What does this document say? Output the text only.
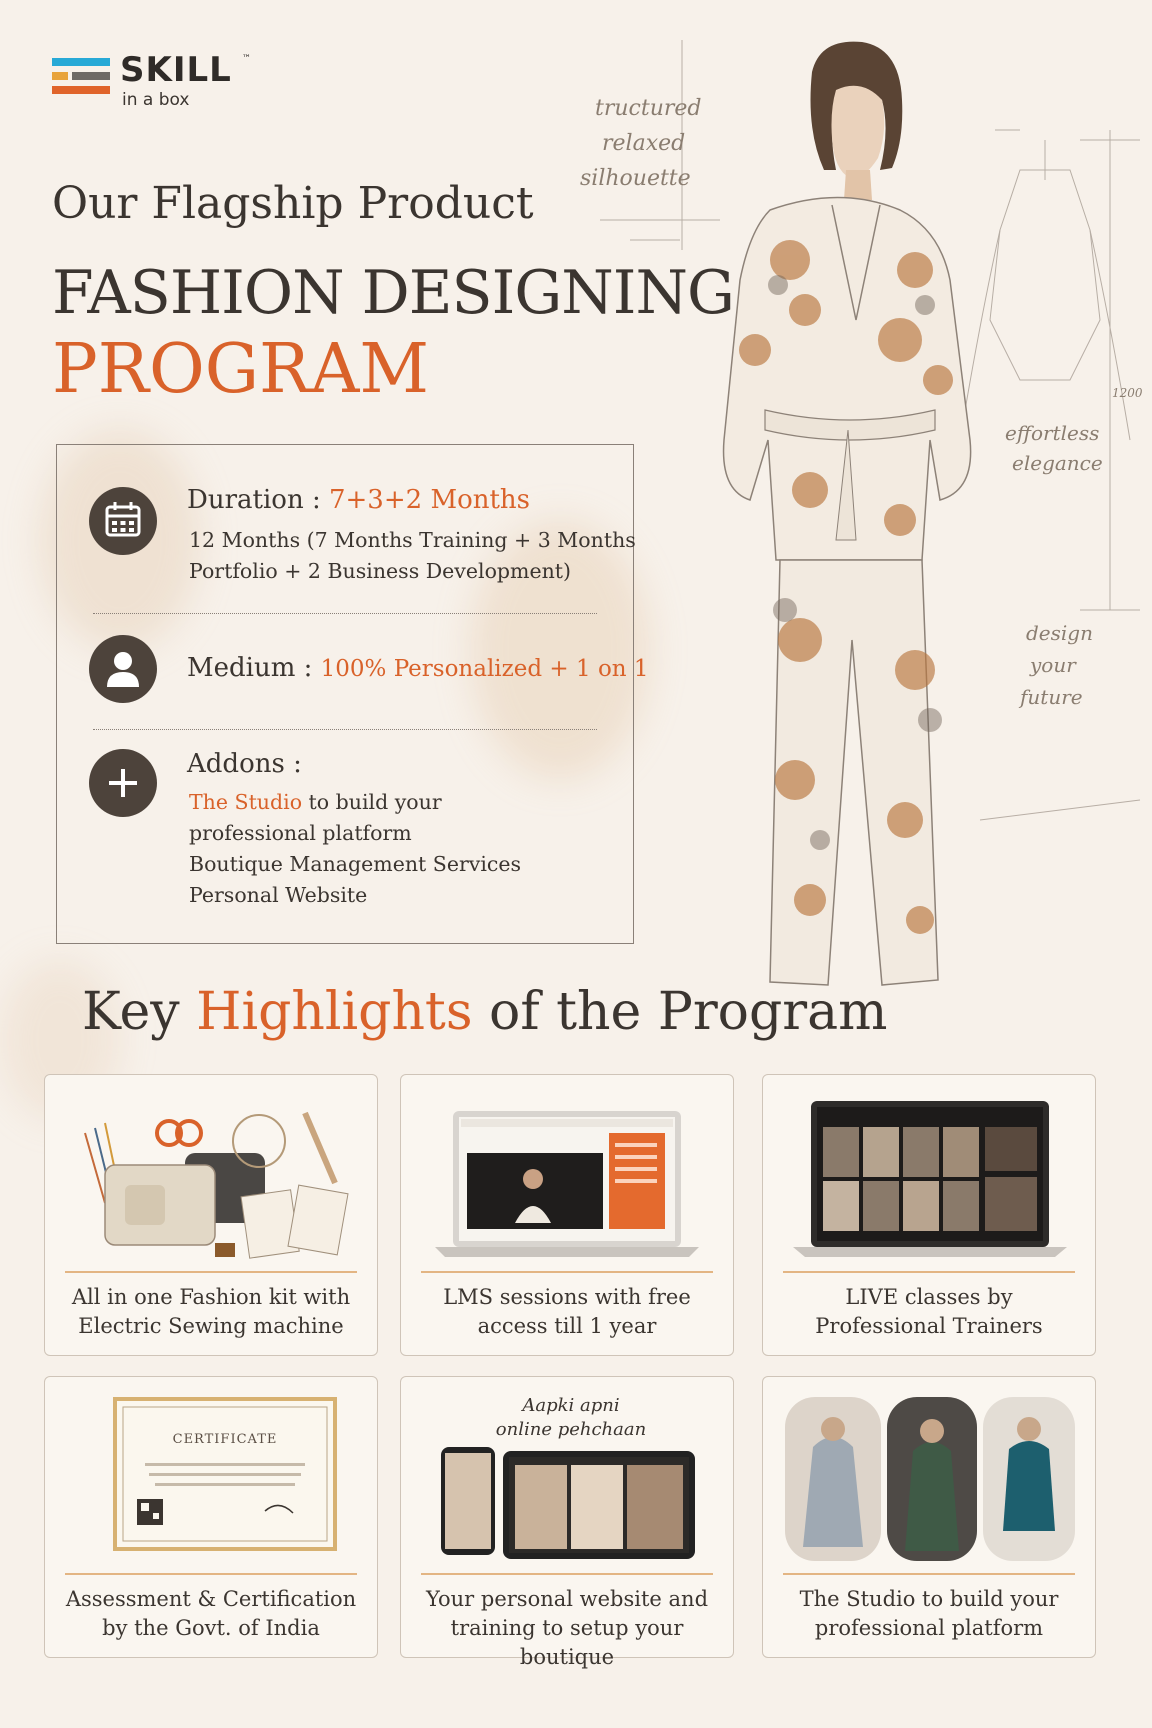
SKILL ™
in a box
Our Flagship Product
FASHION DESIGNING
PROGRAM
Duration : 7+3+2 Months
12 Months (7 Months Training + 3 Months
Portfolio + 2 Business Development)
Medium : 100% Personalized + 1 on 1
Addons :
The Studio to build your
professional platform
Boutique Management Services
Personal Website
tructured
relaxed
silhouette
effortless
elegance
design
your
future
1200
Key Highlights of the Program
All in one Fashion kit with
Electric Sewing machine
LMS sessions with free
access till 1 year
LIVE classes by
Professional Trainers
CERTIFICATE
Assessment & Certification
by the Govt. of India
Aapki apni
online pehchaan
Your personal website and
training to setup your boutique
The Studio to build your
professional platform
